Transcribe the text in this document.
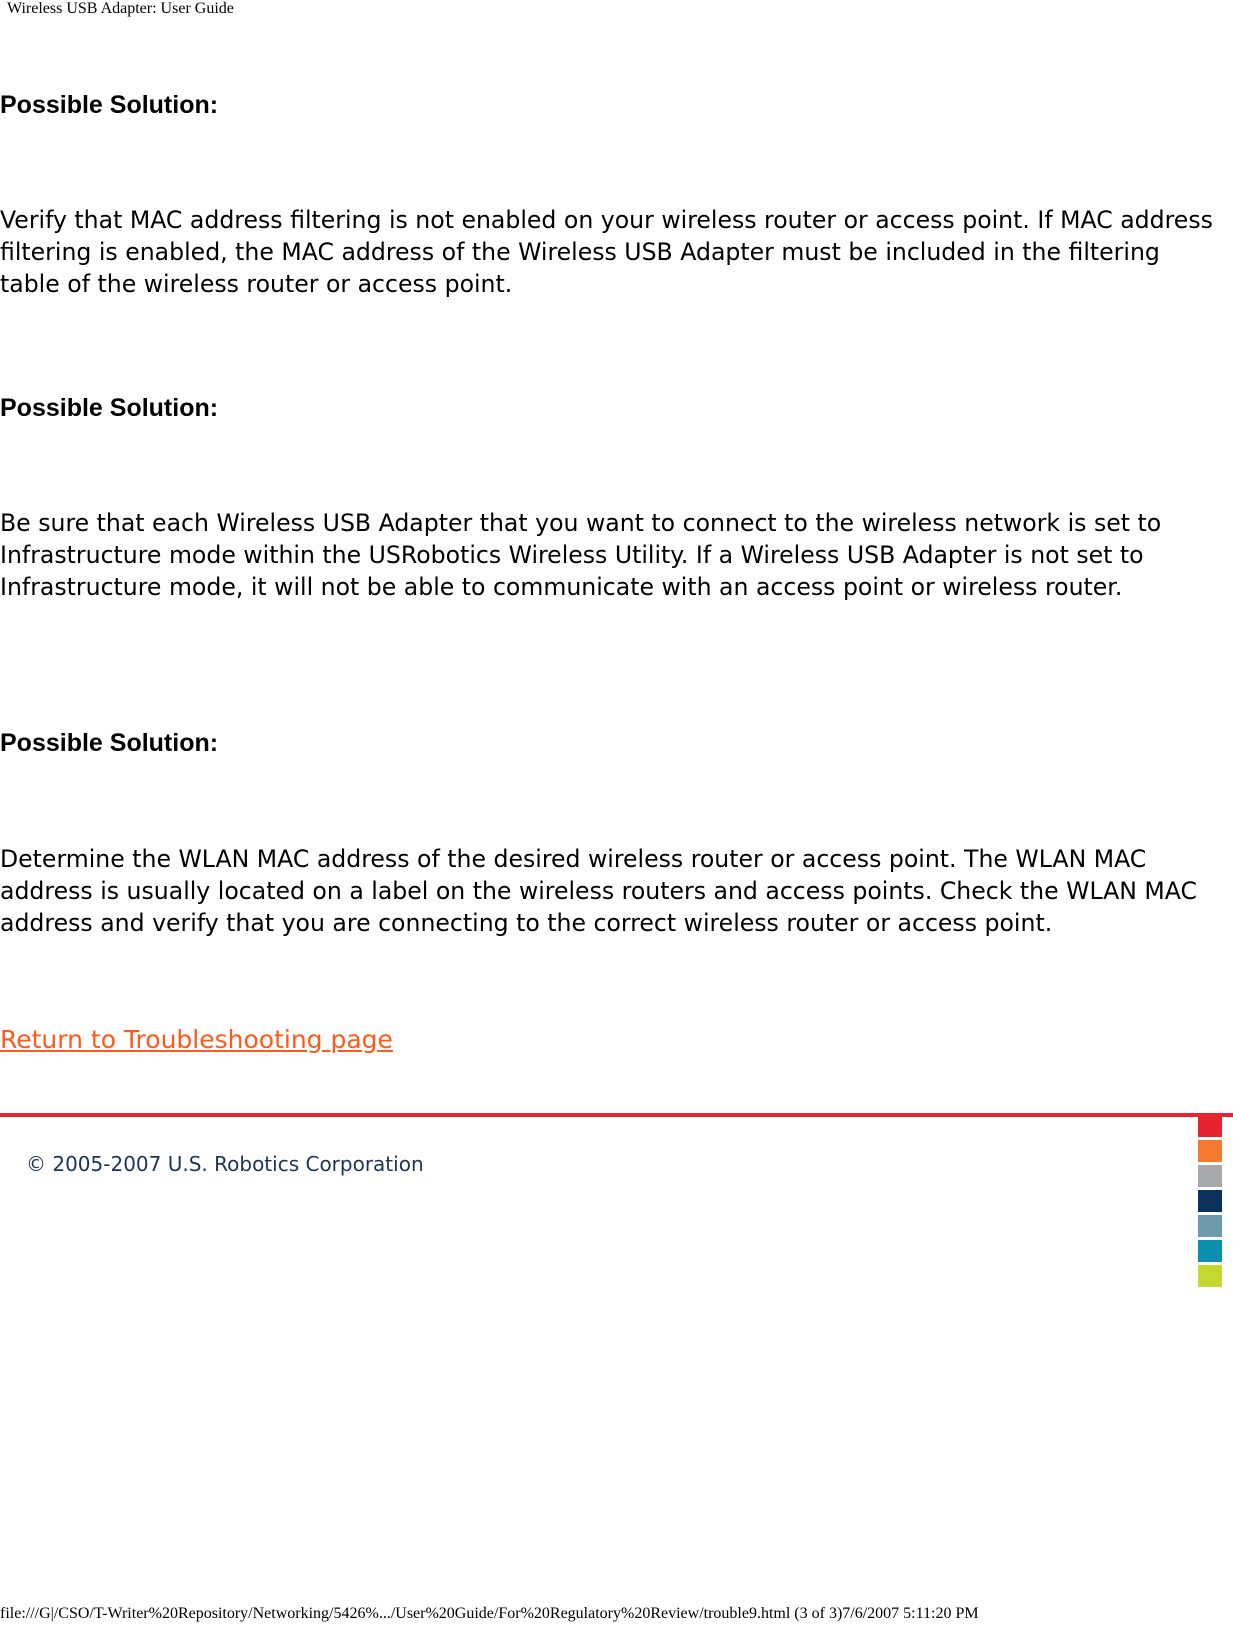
Wireless USB Adapter: User Guide
Possible Solution:

Verify that MAC address filtering is not enabled on your wireless router or access point. If MAC address filtering is enabled, the MAC address of the Wireless USB Adapter must be included in the filtering table of the wireless router or access point.

Possible Solution:

Be sure that each Wireless USB Adapter that you want to connect to the wireless network is set to Infrastructure mode within the USRobotics Wireless Utility. If a Wireless USB Adapter is not set to Infrastructure mode, it will not be able to communicate with an access point or wireless router.

Possible Solution:

Determine the WLAN MAC address of the desired wireless router or access point. The WLAN MAC address is usually located on a label on the wireless routers and access points. Check the WLAN MAC address and verify that you are connecting to the correct wireless router or access point.

Return to Troubleshooting page
© 2005-2007 U.S. Robotics Corporation
file:///G|/CSO/T-Writer%20Repository/Networking/5426%.../User%20Guide/For%20Regulatory%20Review/trouble9.html (3 of 3)7/6/2007 5:11:20 PM
